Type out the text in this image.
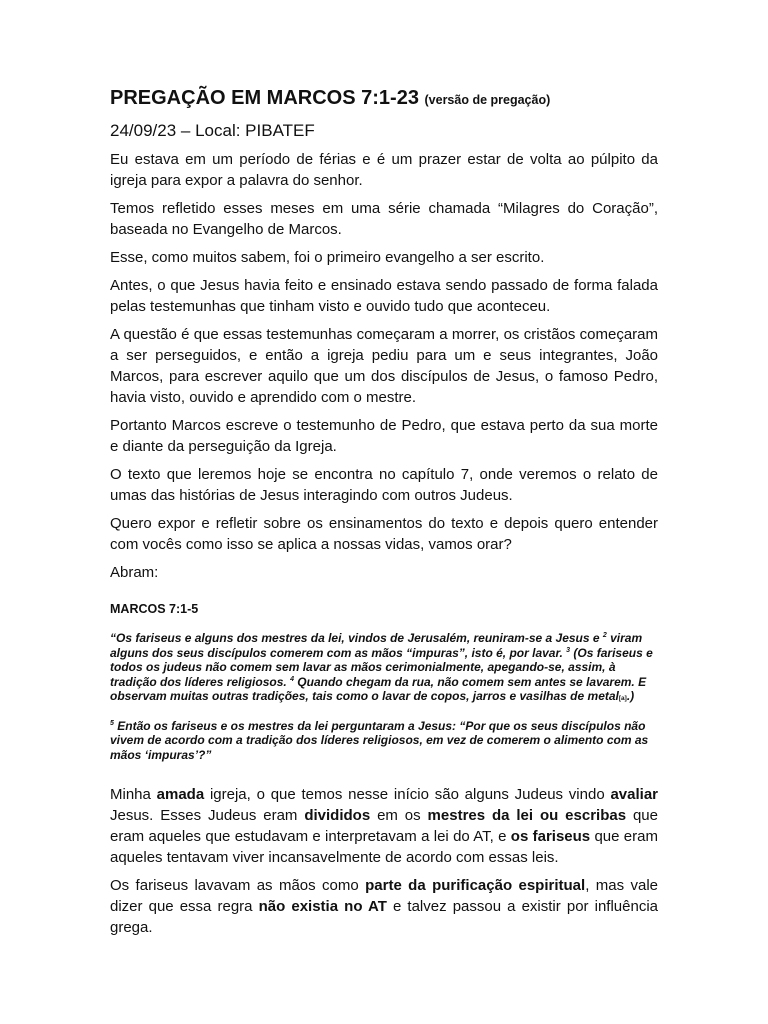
PREGAÇÃO EM MARCOS 7:1-23 (versão de pregação)
24/09/23 – Local: PIBATEF

Eu estava em um período de férias e é um prazer estar de volta ao púlpito da igreja para expor a palavra do senhor.

Temos refletido esses meses em uma série chamada “Milagres do Coração”, baseada no Evangelho de Marcos.

Esse, como muitos sabem, foi o primeiro evangelho a ser escrito.

Antes, o que Jesus havia feito e ensinado estava sendo passado de forma falada pelas testemunhas que tinham visto e ouvido tudo que aconteceu.

A questão é que essas testemunhas começaram a morrer, os cristãos começaram a ser perseguidos, e então a igreja pediu para um e seus integrantes, João Marcos, para escrever aquilo que um dos discípulos de Jesus, o famoso Pedro, havia visto, ouvido e aprendido com o mestre.

Portanto Marcos escreve o testemunho de Pedro, que estava perto da sua morte e diante da perseguição da Igreja.

O texto que leremos hoje se encontra no capítulo 7, onde veremos o relato de umas das histórias de Jesus interagindo com outros Judeus.

Quero expor e refletir sobre os ensinamentos do texto e depois quero entender com vocês como isso se aplica a nossas vidas, vamos orar?

Abram:

MARCOS 7:1-5

“Os fariseus e alguns dos mestres da lei, vindos de Jerusalém, reuniram-se a Jesus e $^2$ viram alguns dos seus discípulos comerem com as mãos “impuras”, isto é, por lavar. $^3$ (Os fariseus e todos os judeus não comem sem lavar as mãos cerimonialmente, apegando-se, assim, à tradição dos líderes religiosos. $^4$ Quando chegam da rua, não comem sem antes se lavarem. E observam muitas outras tradições, tais como o lavar de copos, jarros e vasilhas de metal[a].)

$^5$ Então os fariseus e os mestres da lei perguntaram a Jesus: “Por que os seus discípulos não vivem de acordo com a tradição dos líderes religiosos, em vez de comerem o alimento com as mãos ‘impuras’?”

Minha amada igreja, o que temos nesse início são alguns Judeus vindo avaliar Jesus. Esses Judeus eram divididos em os mestres da lei ou escribas que eram aqueles que estudavam e interpretavam a lei do AT, e os fariseus que eram aqueles tentavam viver incansavelmente de acordo com essas leis.

Os fariseus lavavam as mãos como parte da purificação espiritual, mas vale dizer que essa regra não existia no AT e talvez passou a existir por influência grega.
